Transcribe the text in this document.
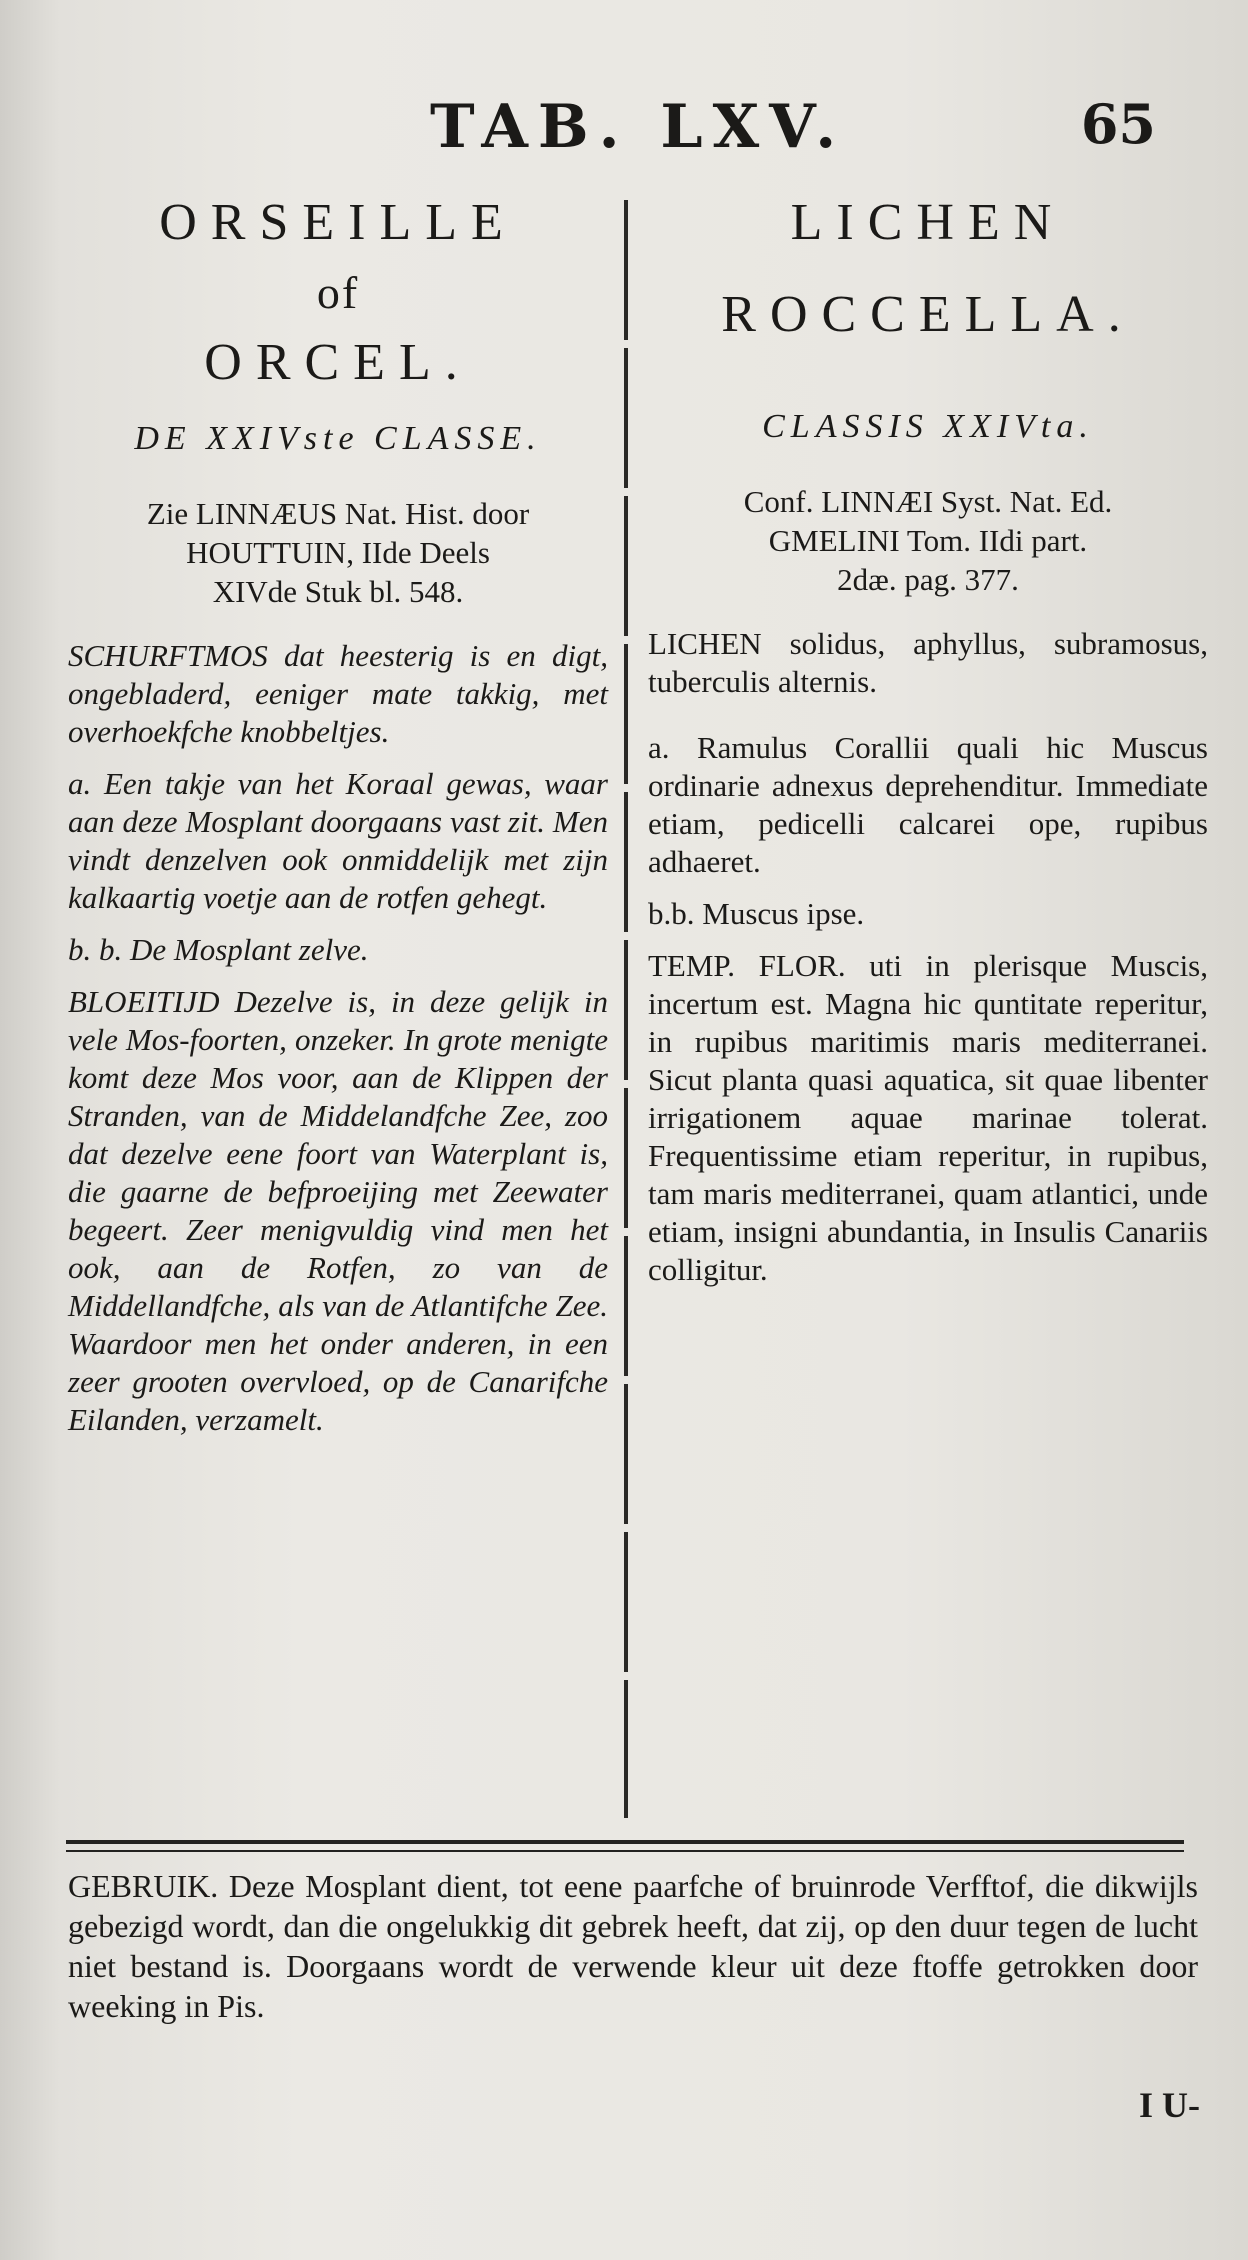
TAB. LXV.	65
ORSEILLE
of
ORCEL.
DE XXIVste CLASSE.
Zie LINNÆUS Nat. Hist. door
HOUTTUIN, IIde Deels
XIVde Stuk bl. 548.
SCHURFTMOS dat heesterig is en digt, ongebladerd, eeniger mate takkig, met overhoekfche knobbeltjes.
a. Een takje van het Koraal gewas, waar aan deze Mosplant doorgaans vast zit. Men vindt denzelven ook onmiddelijk met zijn kalkaartig voetje aan de rotfen gehegt.
b. b. De Mosplant zelve.
BLOEITIJD Dezelve is, in deze gelijk in vele Mos-foorten, onzeker. In grote menigte komt deze Mos voor, aan de Klippen der Stranden, van de Middelandfche Zee, zoo dat dezelve eene foort van Waterplant is, die gaarne de befproeijing met Zeewater begeert. Zeer menigvuldig vind men het ook, aan de Rotfen, zo van de Middellandfche, als van de Atlantifche Zee. Waardoor men het onder anderen, in een zeer grooten overvloed, op de Canarifche Eilanden, verzamelt.
LICHEN
ROCCELLA.
CLASSIS XXIVta.
Conf. LINNÆI Syst. Nat. Ed.
GMELINI Tom. IIdi part.
2dæ. pag. 377.
LICHEN solidus, aphyllus, subramosus, tuberculis alternis.
a. Ramulus Corallii quali hic Muscus ordinarie adnexus deprehenditur. Immediate etiam, pedicelli calcarei ope, rupibus adhaeret.
b.b. Muscus ipse.
TEMP. FLOR. uti in plerisque Muscis, incertum est. Magna hic quntitate reperitur, in rupibus maritimis maris mediterranei. Sicut planta quasi aquatica, sit quae libenter irrigationem aquae marinae tolerat. Frequentissime etiam reperitur, in rupibus, tam maris mediterranei, quam atlantici, unde etiam, insigni abundantia, in Insulis Canariis colligitur.
GEBRUIK. Deze Mosplant dient, tot eene paarfche of bruinrode Verfftof, die dikwijls gebezigd wordt, dan die ongelukkig dit gebrek heeft, dat zij, op den duur tegen de lucht niet bestand is. Doorgaans wordt de verwende kleur uit deze ftoffe getrokken door weeking in Pis.
I U-
